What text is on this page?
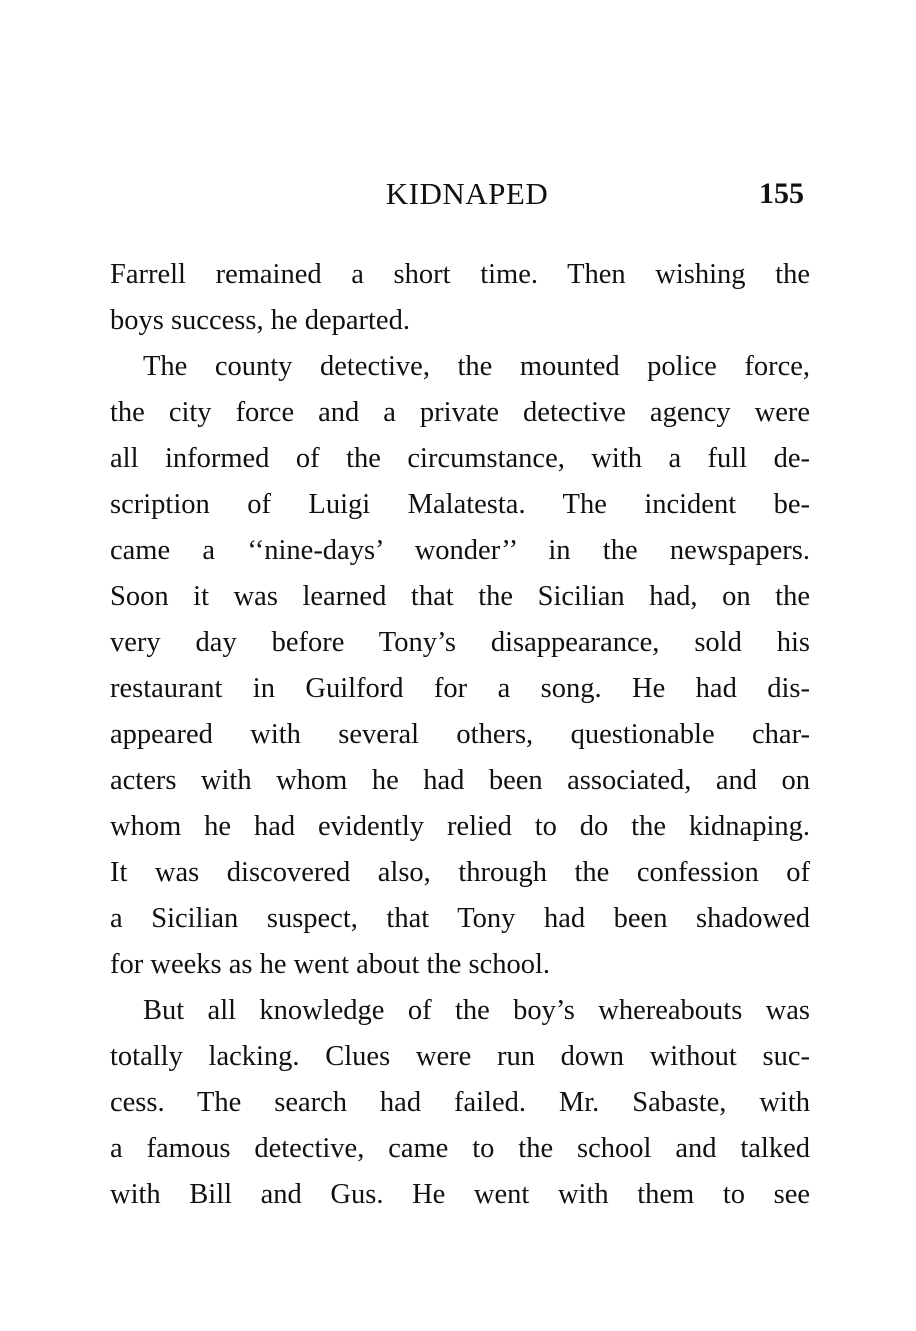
KIDNAPED	155
Farrell remained a short time. Then wishing the
boys success, he departed.
The county detective, the mounted police force,
the city force and a private detective agency were
all informed of the circumstance, with a full de-
scription of Luigi Malatesta. The incident be-
came a ‘‘nine-days’ wonder’’ in the newspapers.
Soon it was learned that the Sicilian had, on the
very day before Tony’s disappearance, sold his
restaurant in Guilford for a song. He had dis-
appeared with several others, questionable char-
acters with whom he had been associated, and on
whom he had evidently relied to do the kidnaping.
It was discovered also, through the confession of
a Sicilian suspect, that Tony had been shadowed
for weeks as he went about the school.
But all knowledge of the boy’s whereabouts was
totally lacking. Clues were run down without suc-
cess. The search had failed. Mr. Sabaste, with
a famous detective, came to the school and talked
with Bill and Gus. He went with them to see
